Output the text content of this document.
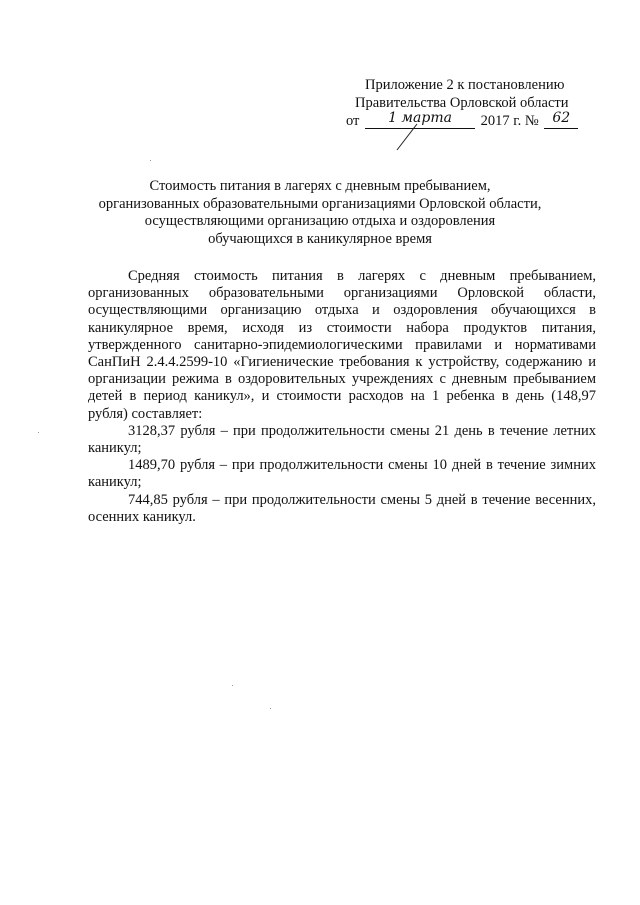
Приложение 2 к постановлению
Правительства Орловской области
от 1 марта 2017 г. № 62
Стоимость питания в лагерях с дневным пребыванием,
организованных образовательными организациями Орловской области,
осуществляющими организацию отдыха и оздоровления
обучающихся в каникулярное время

Средняя стоимость питания в лагерях с дневным пребыванием, организованных образовательными организациями Орловской области, осуществляющими организацию отдыха и оздоровления обучающихся в каникулярное время, исходя из стоимости набора продуктов питания, утвержденного санитарно-эпидемиологическими правилами и нормативами СанПиН 2.4.4.2599-10 «Гигиенические требования к устройству, содержанию и организации режима в оздоровительных учреждениях с дневным пребыванием детей в период каникул», и стоимости расходов на 1 ребенка в день (148,97 рубля) составляет:

3128,37 рубля – при продолжительности смены 21 день в течение летних каникул;

1489,70 рубля – при продолжительности смены 10 дней в течение зимних каникул;

744,85 рубля – при продолжительности смены 5 дней в течение весенних, осенних каникул.
